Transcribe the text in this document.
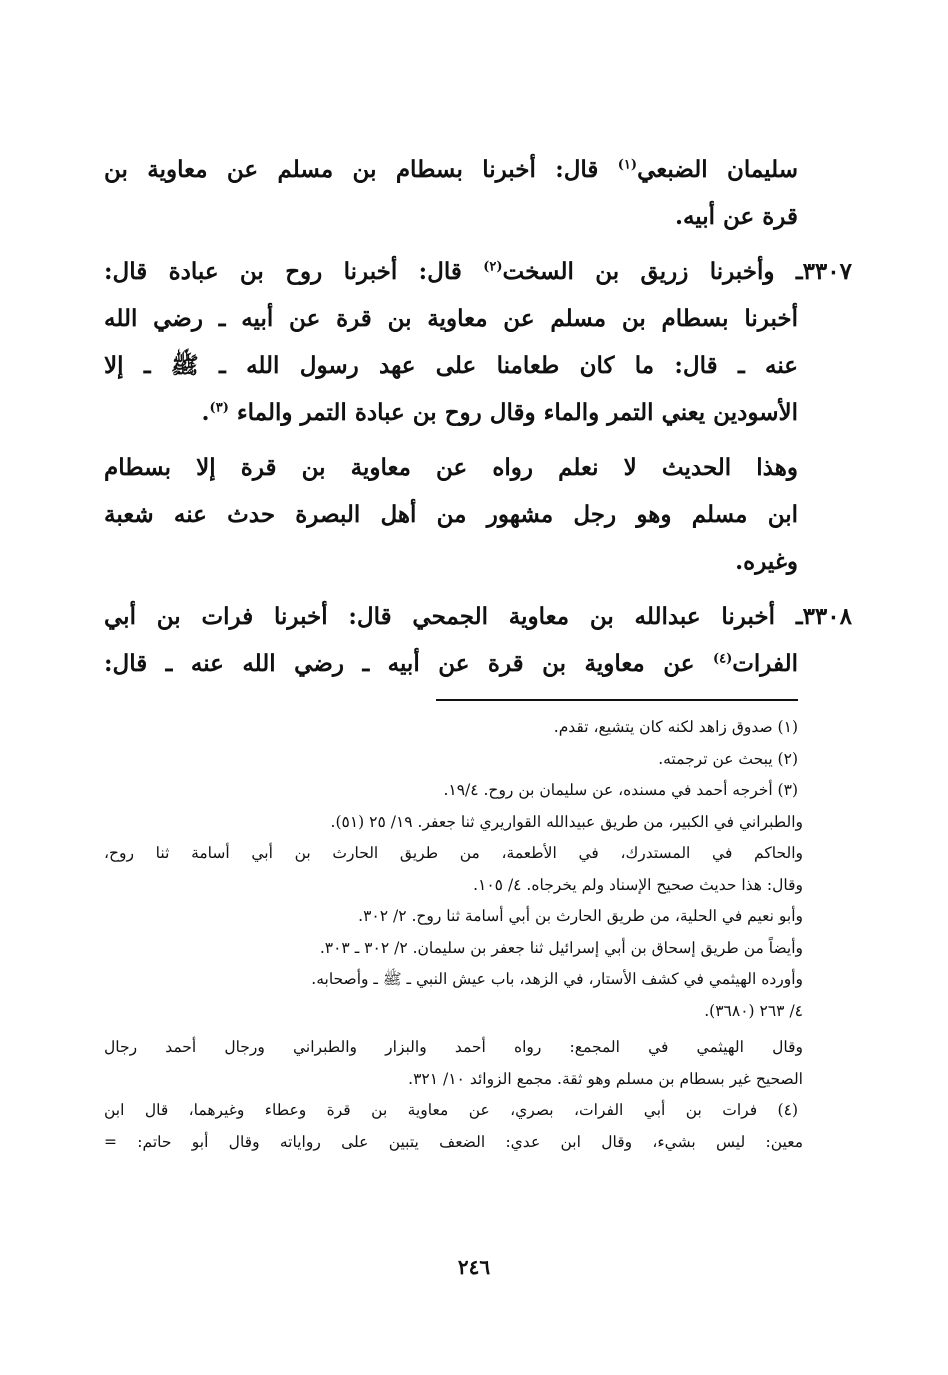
سليمان الضبعي$^{(١)}$ قال: أخبرنا بسطام بن مسلم عن معاوية بن
قرة عن أبيه.
٣٣٠٧ـ وأخبرنا زريق بن السخت$^{(٢)}$ قال: أخبرنا روح بن عبادة قال:
أخبرنا بسطام بن مسلم عن معاوية بن قرة عن أبيه ـ رضي الله
عنه ـ قال: ما كان طعامنا على عهد رسول الله ـ ﷺ ـ إلا
الأسودين يعني التمر والماء وقال روح بن عبادة التمر والماء $^{(٣)}$.
وهذا الحديث لا نعلم رواه عن معاوية بن قرة إلا بسطام
ابن مسلم وهو رجل مشهور من أهل البصرة حدث عنه شعبة
وغيره.
٣٣٠٨ـ أخبرنا عبدالله بن معاوية الجمحي قال: أخبرنا فرات بن أبي
الفرات$^{(٤)}$ عن معاوية بن قرة عن أبيه ـ رضي الله عنه ـ قال:
(١) صدوق زاهد لكنه كان يتشيع، تقدم.
(٢) يبحث عن ترجمته.
(٣) أخرجه أحمد في مسنده، عن سليمان بن روح. ١٩/٤.
والطبراني في الكبير، من طريق عبيدالله القواريري ثنا جعفر. ١٩/ ٢٥ (٥١).
والحاكم في المستدرك، في الأطعمة، من طريق الحارث بن أبي أسامة ثنا روح،
وقال: هذا حديث صحيح الإسناد ولم يخرجاه. ٤/ ١٠٥.
وأبو نعيم في الحلية، من طريق الحارث بن أبي أسامة ثنا روح. ٢/ ٣٠٢.
وأيضاً من طريق إسحاق بن أبي إسرائيل ثنا جعفر بن سليمان. ٢/ ٣٠٢ ـ ٣٠٣.
وأورده الهيثمي في كشف الأستار، في الزهد، باب عيش النبي ـ ﷺ ـ وأصحابه.
٤/ ٢٦٣ (٣٦٨٠).
وقال الهيثمي في المجمع: رواه أحمد والبزار والطبراني ورجال أحمد رجال
الصحيح غير بسطام بن مسلم وهو ثقة. مجمع الزوائد ١٠/ ٣٢١.
(٤) فرات بن أبي الفرات، بصري، عن معاوية بن قرة وعطاء وغيرهما، قال ابن
معين: ليس بشيء، وقال ابن عدي: الضعف يتبين على رواياته وقال أبو حاتم: =
٢٤٦
